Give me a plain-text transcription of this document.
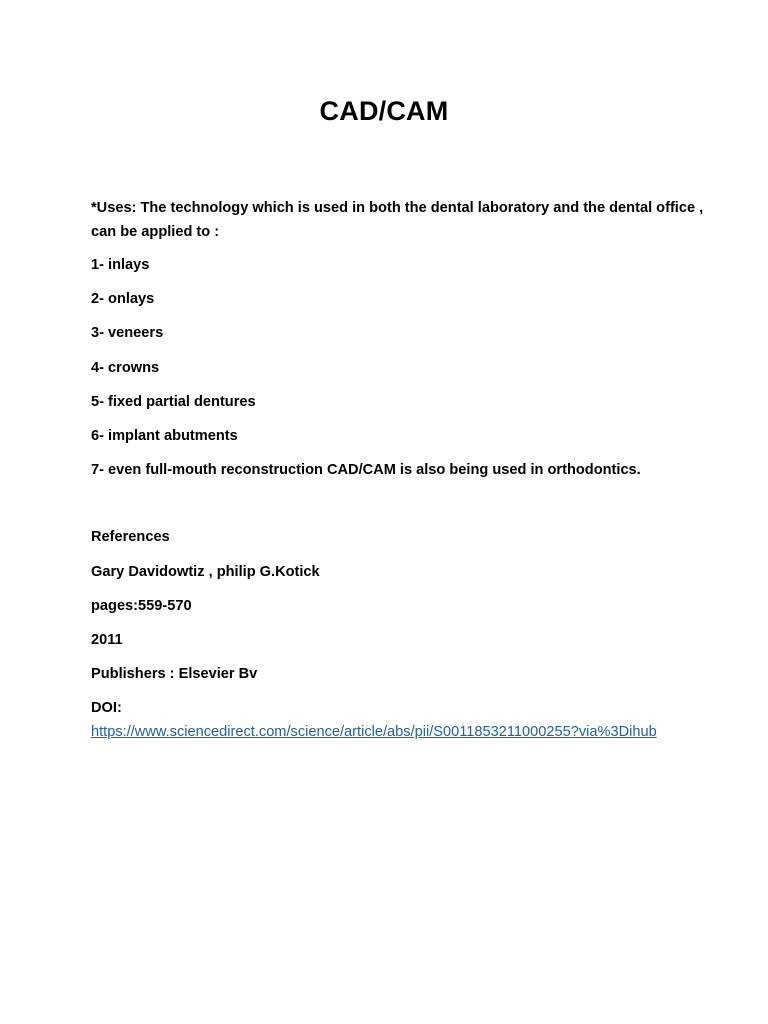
CAD/CAM
*Uses: The technology which is used in both the dental laboratory and the dental office , can be applied to :
1- inlays
2- onlays
3- veneers
4- crowns
5- fixed partial dentures
6- implant abutments
7- even full-mouth reconstruction CAD/CAM is also being used in orthodontics.
References
Gary Davidowtiz , philip G.Kotick
pages:559-570
2011
Publishers : Elsevier Bv
DOI:
https://www.sciencedirect.com/science/article/abs/pii/S0011853211000255?via%3Dihub
